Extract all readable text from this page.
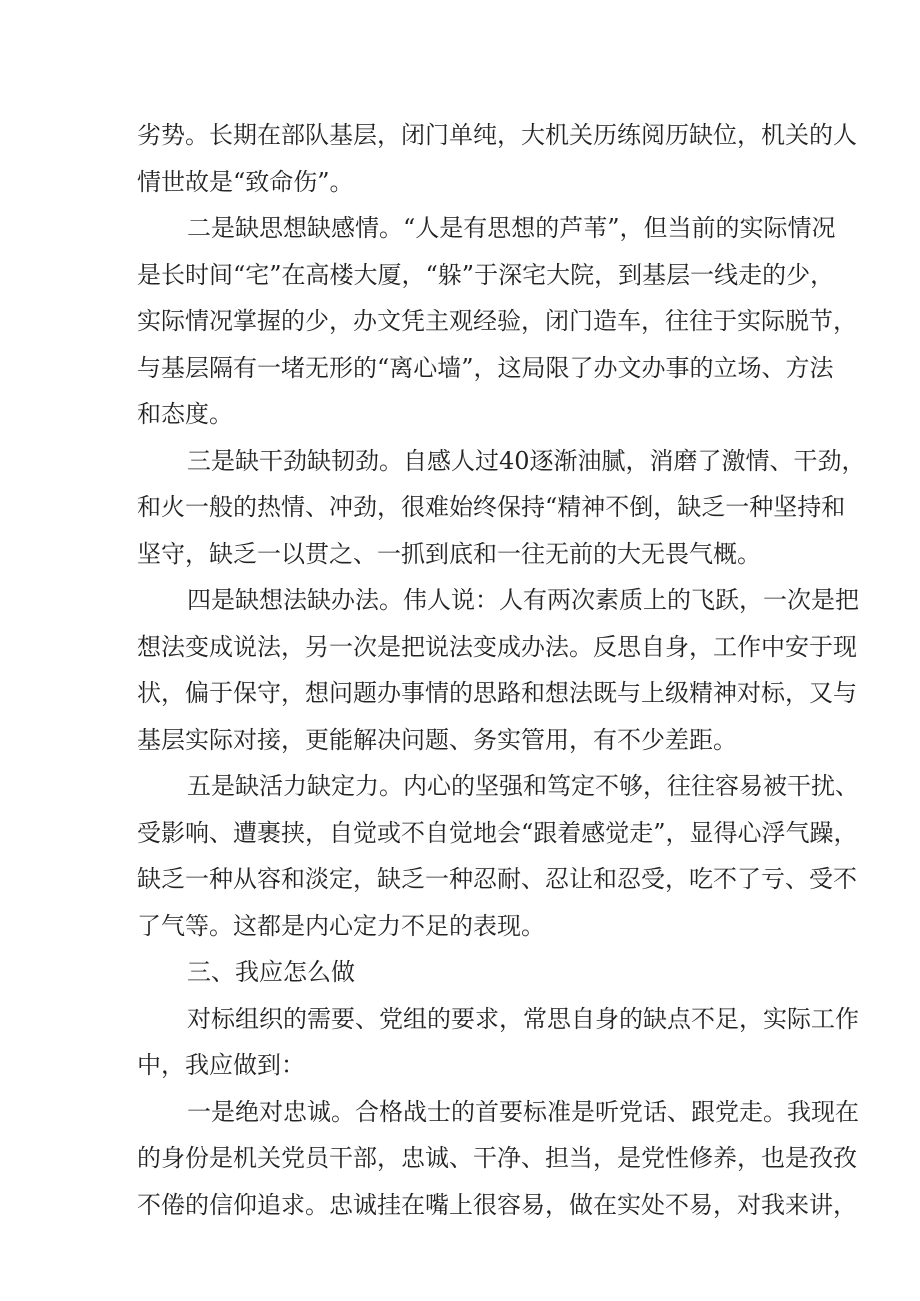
劣势。长期在部队基层，闭门单纯，大机关历练阅历缺位，机关的人
情世故是“致命伤”。
二是缺思想缺感情。“人是有思想的芦苇”，但当前的实际情况
是长时间“宅”在高楼大厦，“躲”于深宅大院，到基层一线走的少，
实际情况掌握的少，办文凭主观经验，闭门造车，往往于实际脱节，
与基层隔有一堵无形的“离心墙”，这局限了办文办事的立场、方法
和态度。
三是缺干劲缺韧劲。自感人过40逐渐油腻，消磨了激情、干劲，
和火一般的热情、冲劲，很难始终保持“精神不倒，缺乏一种坚持和
坚守，缺乏一以贯之、一抓到底和一往无前的大无畏气概。
四是缺想法缺办法。伟人说：人有两次素质上的飞跃，一次是把
想法变成说法，另一次是把说法变成办法。反思自身，工作中安于现
状，偏于保守，想问题办事情的思路和想法既与上级精神对标，又与
基层实际对接，更能解决问题、务实管用，有不少差距。
五是缺活力缺定力。内心的坚强和笃定不够，往往容易被干扰、
受影响、遭裹挟，自觉或不自觉地会“跟着感觉走”，显得心浮气躁，
缺乏一种从容和淡定，缺乏一种忍耐、忍让和忍受，吃不了亏、受不
了气等。这都是内心定力不足的表现。
三、我应怎么做
对标组织的需要、党组的要求，常思自身的缺点不足，实际工作
中，我应做到：
一是绝对忠诚。合格战士的首要标准是听党话、跟党走。我现在
的身份是机关党员干部，忠诚、干净、担当，是党性修养，也是孜孜
不倦的信仰追求。忠诚挂在嘴上很容易，做在实处不易，对我来讲，
